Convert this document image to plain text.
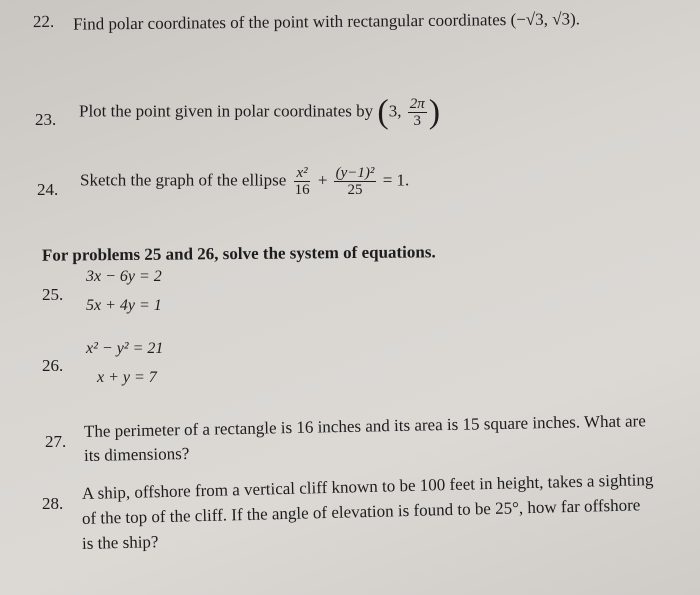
22. Find polar coordinates of the point with rectangular coordinates (−√3, √3).
23. Plot the point given in polar coordinates by (3, $\frac{2\pi}{3}$ )
24.
Sketch the graph of the ellipse $\frac{\text{x²}}{16} + \frac{\text{(y−1)²}}{25} = 1$.
For problems 25 and 26, solve the system of equations.
25.
3x − 6y = 2
5x + 4y = 1
26.
x² − y² = 21
x + y = 7
27.
The perimeter of a rectangle is 16 inches and its area is 15 square inches. What are
its dimensions?
28.
A ship, offshore from a vertical cliff known to be 100 feet in height, takes a sighting
of the top of the cliff. If the angle of elevation is found to be 25°, how far offshore
is the ship?
